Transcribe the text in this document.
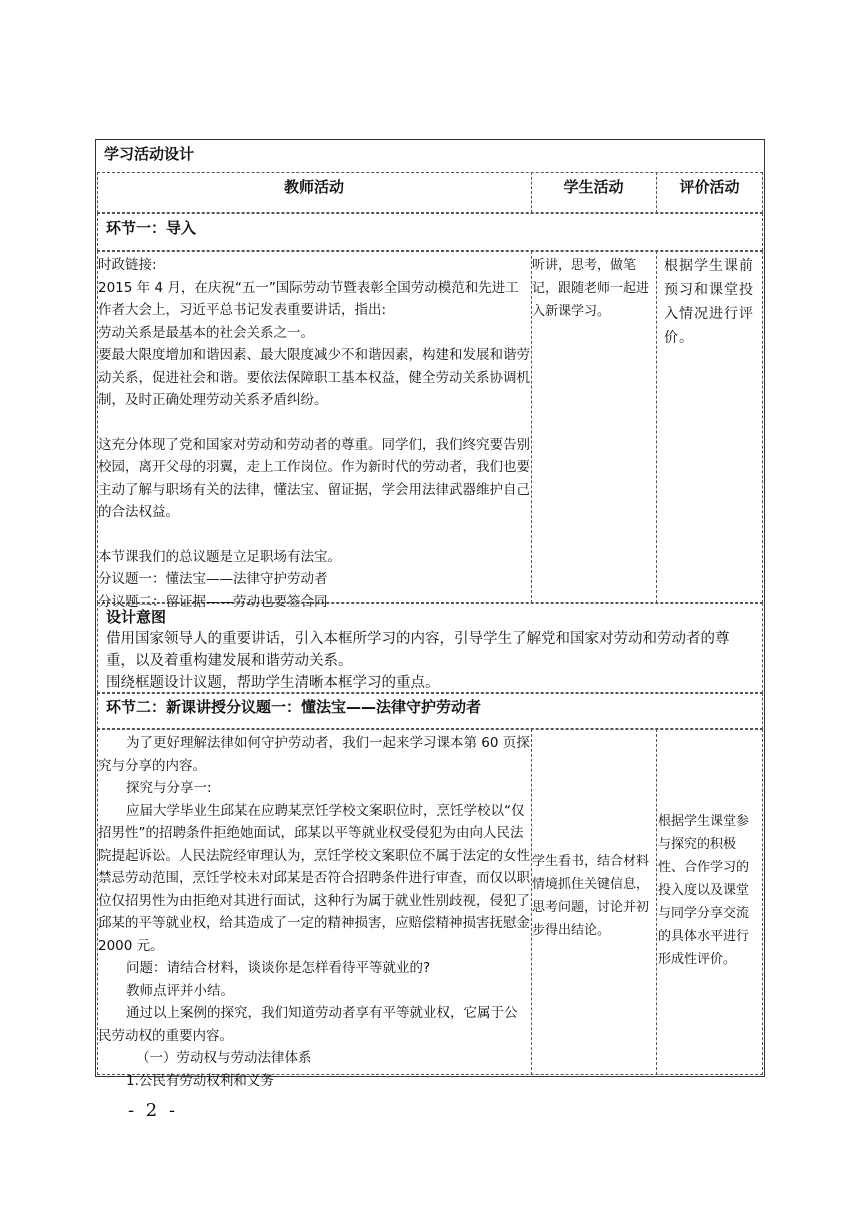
学习活动设计
教师活动	学生活动	评价活动
环节一：导入

时政链接:

2015 年 4 月，在庆祝“五一”国际劳动节暨表彰全国劳动模范和先进工作者大会上，习近平总书记发表重要讲话，指出:

劳动关系是最基本的社会关系之一。

要最大限度增加和谐因素、最大限度减少不和谐因素，构建和发展和谐劳动关系，促进社会和谐。要依法保障职工基本权益，健全劳动关系协调机制，及时正确处理劳动关系矛盾纠纷。

这充分体现了党和国家对劳动和劳动者的尊重。同学们，我们终究要告别校园，离开父母的羽翼，走上工作岗位。作为新时代的劳动者，我们也要主动了解与职场有关的法律，懂法宝、留证据，学会用法律武器维护自己的合法权益。

本节课我们的总议题是立足职场有法宝。

分议题一：懂法宝——法律守护劳动者

分议题二：留证据——劳动也要签合同

听讲，思考，做笔记，跟随老师一起进入新课学习。
根据学生课前预习和课堂投入情况进行评价。
设计意图

借用国家领导人的重要讲话，引入本框所学习的内容，引导学生了解党和国家对劳动和劳动者的尊重，以及着重构建发展和谐劳动关系。

围绕框题设计议题，帮助学生清晰本框学习的重点。

环节二：新课讲授分议题一：懂法宝——法律守护劳动者

为了更好理解法律如何守护劳动者，我们一起来学习课本第 60 页探究与分享的内容。

探究与分享一:

应届大学毕业生邱某在应聘某烹饪学校文案职位时，烹饪学校以“仅招男性”的招聘条件拒绝她面试，邱某以平等就业权受侵犯为由向人民法院提起诉讼。人民法院经审理认为，烹饪学校文案职位不属于法定的女性禁忌劳动范围，烹饪学校未对邱某是否符合招聘条件进行审查，而仅以职位仅招男性为由拒绝对其进行面试，这种行为属于就业性别歧视，侵犯了邱某的平等就业权，给其造成了一定的精神损害，应赔偿精神损害抚慰金 2000 元。

问题：请结合材料，谈谈你是怎样看待平等就业的?

教师点评并小结。

通过以上案例的探究，我们知道劳动者享有平等就业权，它属于公民劳动权的重要内容。

（一）劳动权与劳动法律体系

1.公民有劳动权利和义务

学生看书，结合材料情境抓住关键信息，思考问题，讨论并初步得出结论。
根据学生课堂参与探究的积极性、合作学习的投入度以及课堂与同学分享交流的具体水平进行形成性评价。
- 2 -
